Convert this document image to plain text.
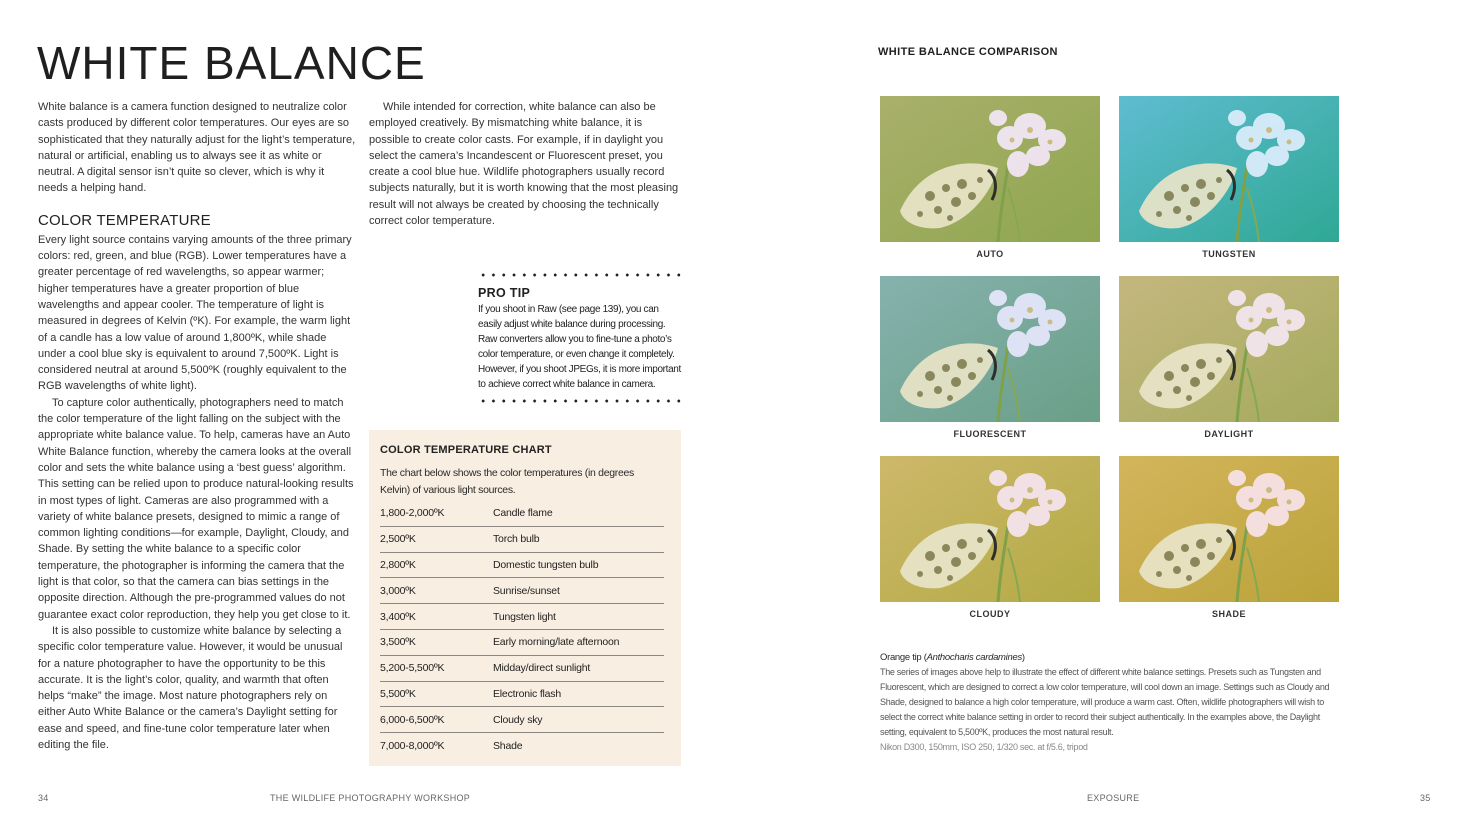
WHITE BALANCE

White balance is a camera function designed to neutralize color casts produced by different color temperatures. Our eyes are so sophisticated that they naturally adjust for the light’s temperature, natural or artificial, enabling us to always see it as white or neutral. A digital sensor isn’t quite so clever, which is why it needs a helping hand.

COLOR TEMPERATURE

Every light source contains varying amounts of the three primary colors: red, green, and blue (RGB). Lower temperatures have a greater percentage of red wavelengths, so appear warmer; higher temperatures have a greater proportion of blue wavelengths and appear cooler. The temperature of light is measured in degrees of Kelvin (ºK). For example, the warm light of a candle has a low value of around 1,800ºK, while shade under a cool blue sky is equivalent to around 7,500ºK. Light is considered neutral at around 5,500ºK (roughly equivalent to the RGB wavelengths of white light).

To capture color authentically, photographers need to match the color temperature of the light falling on the subject with the appropriate white balance value. To help, cameras have an Auto White Balance function, whereby the camera looks at the overall color and sets the white balance using a ‘best guess’ algorithm. This setting can be relied upon to produce natural-looking results in most types of light. Cameras are also programmed with a variety of white balance presets, designed to mimic a range of common lighting conditions—for example, Daylight, Cloudy, and Shade. By setting the white balance to a specific color temperature, the photographer is informing the camera that the light is that color, so that the camera can bias settings in the opposite direction. Although the pre-programmed values do not guarantee exact color reproduction, they help you get close to it.

It is also possible to customize white balance by selecting a specific color temperature value. However, it would be unusual for a nature photographer to have the opportunity to be this accurate. It is the light’s color, quality, and warmth that often helps “make” the image. Most nature photographers rely on either Auto White Balance or the camera’s Daylight setting for ease and speed, and fine-tune color temperature later when editing the file.

While intended for correction, white balance can also be employed creatively. By mismatching white balance, it is possible to create color casts. For example, if in daylight you select the camera’s Incandescent or Fluorescent preset, you create a cool blue hue. Wildlife photographers usually record subjects naturally, but it is worth knowing that the most pleasing result will not always be created by choosing the technically correct color temperature.

PRO TIP
If you shoot in Raw (see page 139), you can easily adjust white balance during processing. Raw converters allow you to fine-tune a photo’s color temperature, or even change it completely. However, if you shoot JPEGs, it is more important to achieve correct white balance in camera.
COLOR TEMPERATURE CHART
The chart below shows the color temperatures (in degrees Kelvin) of various light sources.
1,800-2,000ºK	Candle flame
2,500ºK	Torch bulb
2,800ºK	Domestic tungsten bulb
3,000ºK	Sunrise/sunset
3,400ºK	Tungsten light
3,500ºK	Early morning/late afternoon
5,200-5,500ºK	Midday/direct sunlight
5,500ºK	Electronic flash
6,000-6,500ºK	Cloudy sky
7,000-8,000ºK	Shade
34	THE WILDLIFE PHOTOGRAPHY WORKSHOP
WHITE BALANCE COMPARISON
AUTO	TUNGSTEN
FLUORESCENT	DAYLIGHT
CLOUDY	SHADE
Orange tip (Anthocharis cardamines)
The series of images above help to illustrate the effect of different white balance settings. Presets such as Tungsten and Fluorescent, which are designed to correct a low color temperature, will cool down an image. Settings such as Cloudy and Shade, designed to balance a high color temperature, will produce a warm cast. Often, wildlife photographers will wish to select the correct white balance setting in order to record their subject authentically. In the examples above, the Daylight setting, equivalent to 5,500ºK, produces the most natural result.
Nikon D300, 150mm, ISO 250, 1/320 sec. at f/5.6, tripod
EXPOSURE	35
